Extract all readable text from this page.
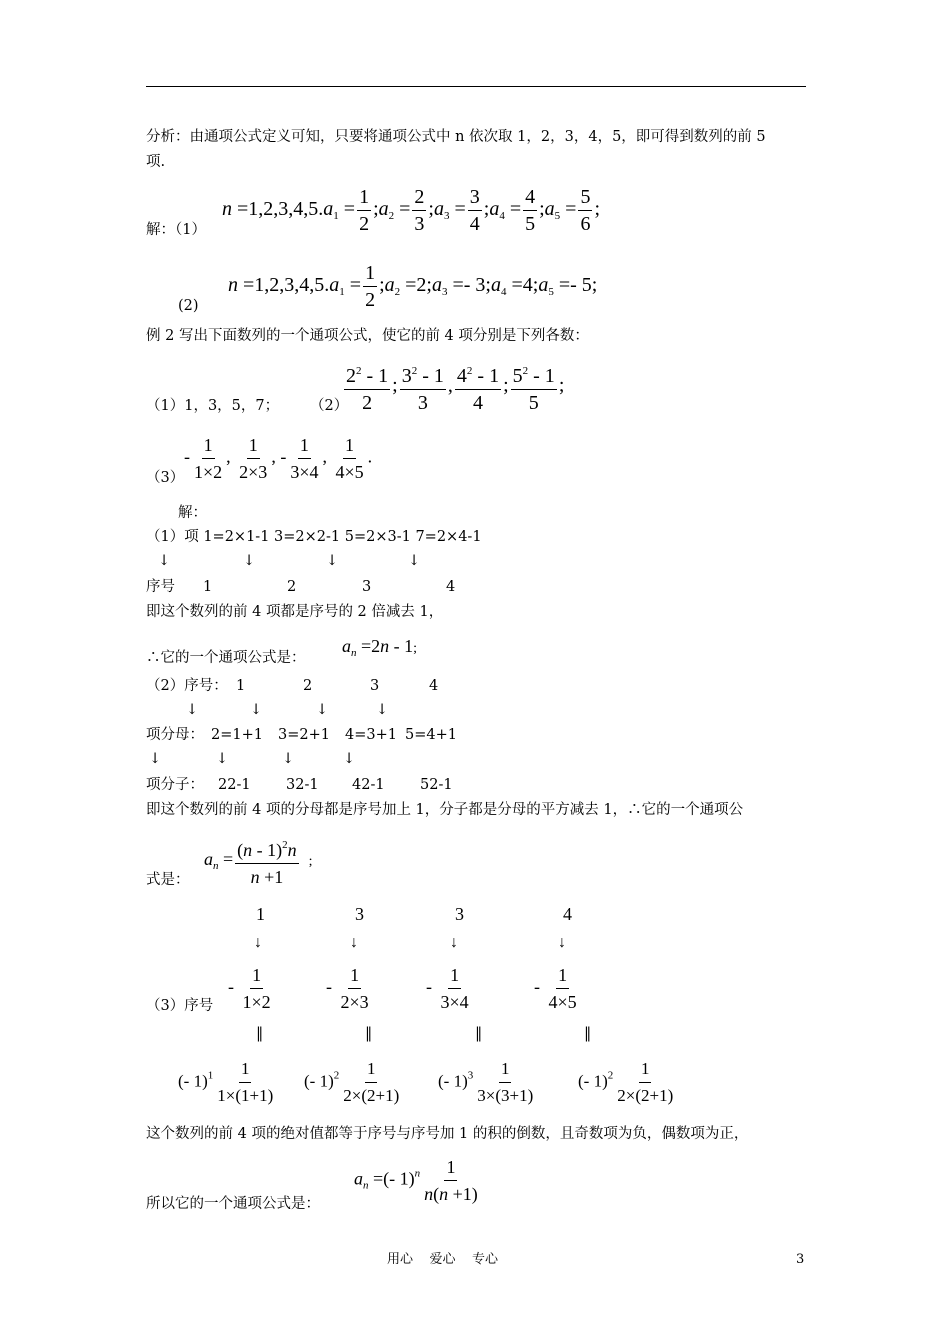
分析：由通项公式定义可知，只要将通项公式中 n 依次取 1，2，3，4，5，即可得到数列的前 5
项.
解：（1）
$n =1,2,3,4,5.a_1 = \frac{1}{2}$ $;a_2 = \frac{2}{3}$ $;a_3 = \frac{3}{4}$ $;a_4 = \frac{4}{5}$ $;a_5 = \frac{5}{6}$ ;
(2)
$n =1,2,3,4,5.a_1 = \frac{1}{2}$ $;a_2$ $=2;a_3$ =- $3;a_4$ $=4;a_5 =- 5$;
例 2 写出下面数列的一个通项公式，使它的前 4 项分别是下列各数：
（1）1，3，5，7； （2）
$\frac{2^2 - 1}{2}$ ; $\frac{3^2 - 1}{3}$ , $\frac{4^2 - 1}{4}$ ; $\frac{5^2 - 1}{5}$ ;
（3）
- $\frac{1}{1\times 2}$ , $\frac{1}{2\times 3}$ , - $\frac{1}{3\times 4}$ , $\frac{1}{4\times 5}$ .
解：
（1）项 1=2×1-1 3=2×2-1 5=2×3-1 7=2×4-1
↓	↓	↓	↓
序号 1	2	3	4
即这个数列的前 4 项都是序号的 2 倍减去 1，
∴它的一个通项公式是：
$a_n =2n - 1$;
（2）序号： 1	2	3	4
↓	↓	↓	↓
项分母： 2=1+1 3=2+1 4=3+1 5=4+1
↓	↓	↓	↓
项分子： 22-1 32-1 42-1 52-1
即这个数列的前 4 项的分母都是序号加上 1，分子都是分母的平方减去 1，∴它的一个通项公
式是：
$a_n = \frac{(n - 1)^2n}{n +1}$ ;
1	3	3	4
↓	↓	↓	↓
（3）序号
- $\frac{1}{1\times 2}$	- $\frac{1}{2\times 3}$	- $\frac{1}{3\times 4}$	- $\frac{1}{4\times 5}$
‖	‖	‖	‖
(- $1)^1 \frac{1}{1\times(1+1)}$ (- $1)^2 \frac{1}{2\times(2+1)}$ (- $1)^3 \frac{1}{3\times(3+1)}$	(- $1)^2 \frac{1}{2\times(2+1)}$
这个数列的前 4 项的绝对值都等于序号与序号加 1 的积的倒数，且奇数项为负，偶数项为正，
所以它的一个通项公式是：
$a_n$ =(- $1)^n \frac{1}{n(n +1)}$
用心    爱心    专心	3
